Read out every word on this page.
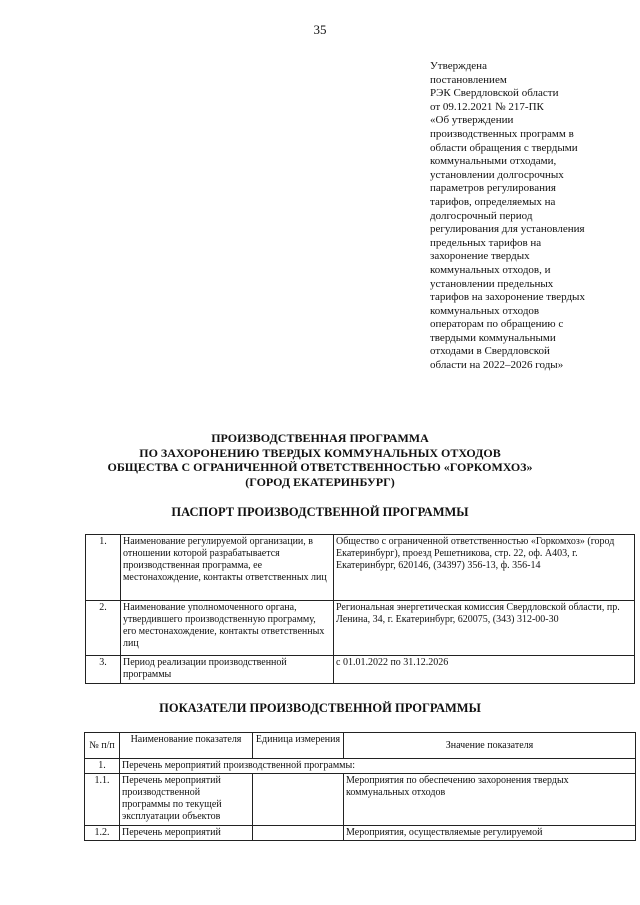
35
Утверждена
постановлением
РЭК Свердловской области
от 09.12.2021 № 217-ПК
«Об утверждении
производственных программ в
области обращения с твердыми
коммунальными отходами,
установлении долгосрочных
параметров регулирования
тарифов, определяемых на
долгосрочный период
регулирования для установления
предельных тарифов на
захоронение твердых
коммунальных отходов, и
установлении предельных
тарифов на захоронение твердых
коммунальных отходов
операторам по обращению с
твердыми коммунальными
отходами в Свердловской
области на 2022–2026 годы»
ПРОИЗВОДСТВЕННАЯ ПРОГРАММА
ПО ЗАХОРОНЕНИЮ ТВЕРДЫХ КОММУНАЛЬНЫХ ОТХОДОВ
ОБЩЕСТВА С ОГРАНИЧЕННОЙ ОТВЕТСТВЕННОСТЬЮ «ГОРКОМХОЗ»
(ГОРОД ЕКАТЕРИНБУРГ)
ПАСПОРТ ПРОИЗВОДСТВЕННОЙ ПРОГРАММЫ
1.	Наименование регулируемой организации, в отношении которой разрабатывается производственная программа, ее местонахождение, контакты ответственных лиц	Общество с ограниченной ответственностью «Горкомхоз» (город Екатеринбург), проезд Решетникова, стр. 22, оф. А403, г. Екатеринбург, 620146, (34397) 356-13, ф. 356-14
2.	Наименование уполномоченного органа, утвердившего производственную программу, его местонахождение, контакты ответственных лиц	Региональная энергетическая комиссия Свердловской области, пр. Ленина, 34, г. Екатеринбург, 620075, (343) 312-00-30
3.	Период реализации производственной программы	с 01.01.2022 по 31.12.2026
ПОКАЗАТЕЛИ ПРОИЗВОДСТВЕННОЙ ПРОГРАММЫ
№ п/п	Наименование показателя	Единица измерения	Значение показателя
1.	Перечень мероприятий производственной программы:		
1.1.	Перечень мероприятий производственной программы по текущей эксплуатации объектов		Мероприятия по обеспечению захоронения твердых коммунальных отходов
1.2.	Перечень мероприятий		Мероприятия, осуществляемые регулируемой
